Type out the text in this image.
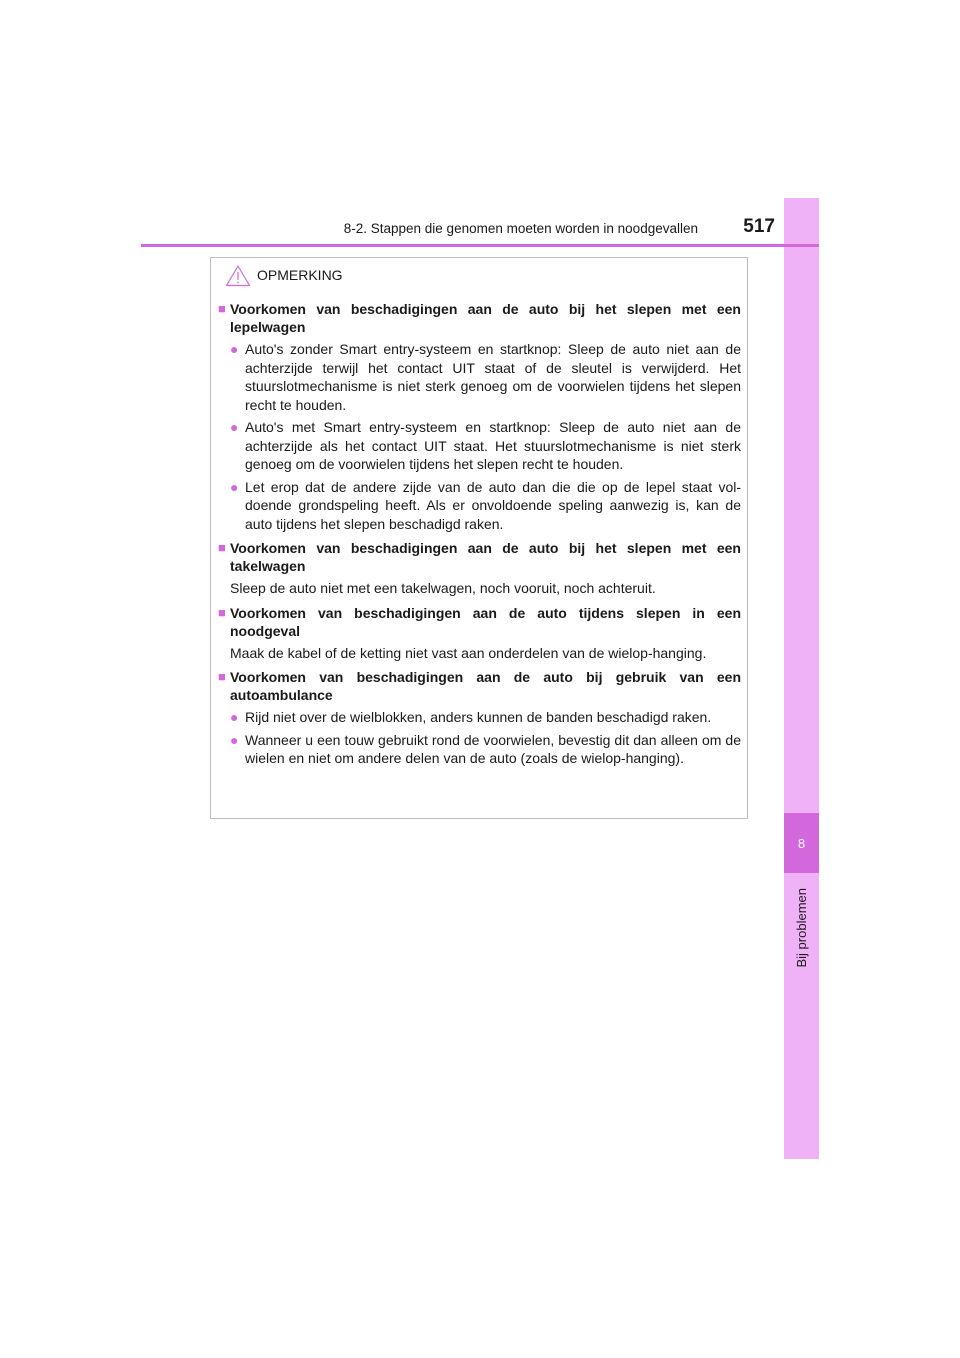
8
Bij problemen
8-2. Stappen die genomen moeten worden in noodgevallen	517
OPMERKING
■ Voorkomen van beschadigingen aan de auto bij het slepen met een lepelwagen
● Auto's zonder Smart entry-systeem en startknop: Sleep de auto niet aan de achterzijde terwijl het contact UIT staat of de sleutel is verwijderd. Het stuurslotmechanisme is niet sterk genoeg om de voorwielen tijdens het slepen recht te houden.
● Auto's met Smart entry-systeem en startknop: Sleep de auto niet aan de achterzijde als het contact UIT staat. Het stuurslotmechanisme is niet sterk genoeg om de voorwielen tijdens het slepen recht te houden.
● Let erop dat de andere zijde van de auto dan die die op de lepel staat vol-doende grondspeling heeft. Als er onvoldoende speling aanwezig is, kan de auto tijdens het slepen beschadigd raken.
■ Voorkomen van beschadigingen aan de auto bij het slepen met een takelwagen
Sleep de auto niet met een takelwagen, noch vooruit, noch achteruit.
■ Voorkomen van beschadigingen aan de auto tijdens slepen in een noodgeval
Maak de kabel of de ketting niet vast aan onderdelen van de wielop-hanging.
■ Voorkomen van beschadigingen aan de auto bij gebruik van een autoambulance
● Rijd niet over de wielblokken, anders kunnen de banden beschadigd raken.
● Wanneer u een touw gebruikt rond de voorwielen, bevestig dit dan alleen om de wielen en niet om andere delen van de auto (zoals de wielop-hanging).
